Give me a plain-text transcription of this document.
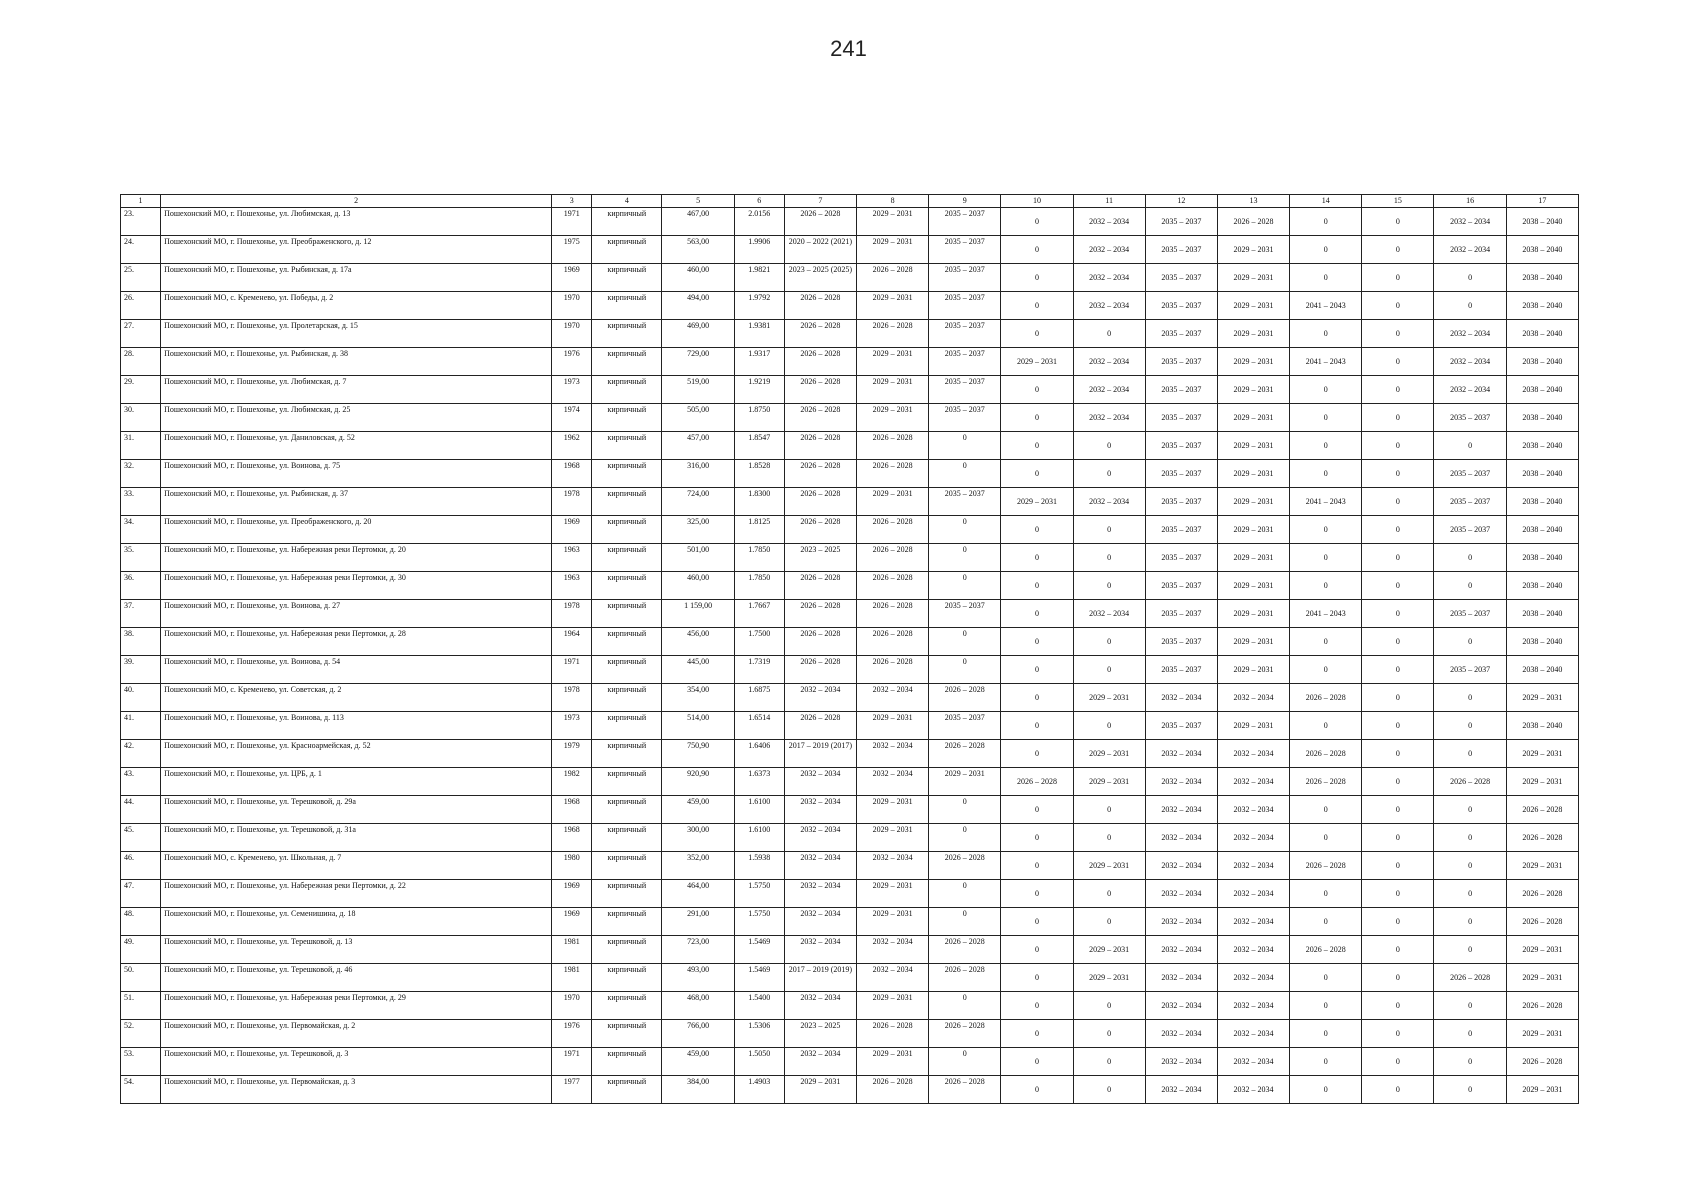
241
1	2	3	4	5	6	7	8	9	10	11	12	13	14	15	16	17
23.	Пошехонский МО, г. Пошехонье, ул. Любимская, д. 13	1971	кирпичный	467,00	2.0156	2026 – 2028	2029 – 2031	2035 – 2037	0	2032 – 2034	2035 – 2037	2026 – 2028	0	0	2032 – 2034	2038 – 2040
24.	Пошехонский МО, г. Пошехонье, ул. Преображенского, д. 12	1975	кирпичный	563,00	1.9906	2020 – 2022 (2021)	2029 – 2031	2035 – 2037	0	2032 – 2034	2035 – 2037	2029 – 2031	0	0	2032 – 2034	2038 – 2040
25.	Пошехонский МО, г. Пошехонье, ул. Рыбинская, д. 17а	1969	кирпичный	460,00	1.9821	2023 – 2025 (2025)	2026 – 2028	2035 – 2037	0	2032 – 2034	2035 – 2037	2029 – 2031	0	0	0	2038 – 2040
26.	Пошехонский МО, с. Кременево, ул. Победы, д. 2	1970	кирпичный	494,00	1.9792	2026 – 2028	2029 – 2031	2035 – 2037	0	2032 – 2034	2035 – 2037	2029 – 2031	2041 – 2043	0	0	2038 – 2040
27.	Пошехонский МО, г. Пошехонье, ул. Пролетарская, д. 15	1970	кирпичный	469,00	1.9381	2026 – 2028	2026 – 2028	2035 – 2037	0	0	2035 – 2037	2029 – 2031	0	0	2032 – 2034	2038 – 2040
28.	Пошехонский МО, г. Пошехонье, ул. Рыбинская, д. 38	1976	кирпичный	729,00	1.9317	2026 – 2028	2029 – 2031	2035 – 2037	2029 – 2031	2032 – 2034	2035 – 2037	2029 – 2031	2041 – 2043	0	2032 – 2034	2038 – 2040
29.	Пошехонский МО, г. Пошехонье, ул. Любимская, д. 7	1973	кирпичный	519,00	1.9219	2026 – 2028	2029 – 2031	2035 – 2037	0	2032 – 2034	2035 – 2037	2029 – 2031	0	0	2032 – 2034	2038 – 2040
30.	Пошехонский МО, г. Пошехонье, ул. Любимская, д. 25	1974	кирпичный	505,00	1.8750	2026 – 2028	2029 – 2031	2035 – 2037	0	2032 – 2034	2035 – 2037	2029 – 2031	0	0	2035 – 2037	2038 – 2040
31.	Пошехонский МО, г. Пошехонье, ул. Даниловская, д. 52	1962	кирпичный	457,00	1.8547	2026 – 2028	2026 – 2028	0	0	0	2035 – 2037	2029 – 2031	0	0	0	2038 – 2040
32.	Пошехонский МО, г. Пошехонье, ул. Воинова, д. 75	1968	кирпичный	316,00	1.8528	2026 – 2028	2026 – 2028	0	0	0	2035 – 2037	2029 – 2031	0	0	2035 – 2037	2038 – 2040
33.	Пошехонский МО, г. Пошехонье, ул. Рыбинская, д. 37	1978	кирпичный	724,00	1.8300	2026 – 2028	2029 – 2031	2035 – 2037	2029 – 2031	2032 – 2034	2035 – 2037	2029 – 2031	2041 – 2043	0	2035 – 2037	2038 – 2040
34.	Пошехонский МО, г. Пошехонье, ул. Преображенского, д. 20	1969	кирпичный	325,00	1.8125	2026 – 2028	2026 – 2028	0	0	0	2035 – 2037	2029 – 2031	0	0	2035 – 2037	2038 – 2040
35.	Пошехонский МО, г. Пошехонье, ул. Набережная реки Пертомки, д. 20	1963	кирпичный	501,00	1.7850	2023 – 2025	2026 – 2028	0	0	0	2035 – 2037	2029 – 2031	0	0	0	2038 – 2040
36.	Пошехонский МО, г. Пошехонье, ул. Набережная реки Пертомки, д. 30	1963	кирпичный	460,00	1.7850	2026 – 2028	2026 – 2028	0	0	0	2035 – 2037	2029 – 2031	0	0	0	2038 – 2040
37.	Пошехонский МО, г. Пошехонье, ул. Воинова, д. 27	1978	кирпичный	1 159,00	1.7667	2026 – 2028	2026 – 2028	2035 – 2037	0	2032 – 2034	2035 – 2037	2029 – 2031	2041 – 2043	0	2035 – 2037	2038 – 2040
38.	Пошехонский МО, г. Пошехонье, ул. Набережная реки Пертомки, д. 28	1964	кирпичный	456,00	1.7500	2026 – 2028	2026 – 2028	0	0	0	2035 – 2037	2029 – 2031	0	0	0	2038 – 2040
39.	Пошехонский МО, г. Пошехонье, ул. Воинова, д. 54	1971	кирпичный	445,00	1.7319	2026 – 2028	2026 – 2028	0	0	0	2035 – 2037	2029 – 2031	0	0	2035 – 2037	2038 – 2040
40.	Пошехонский МО, с. Кременево, ул. Советская, д. 2	1978	кирпичный	354,00	1.6875	2032 – 2034	2032 – 2034	2026 – 2028	0	2029 – 2031	2032 – 2034	2032 – 2034	2026 – 2028	0	0	2029 – 2031
41.	Пошехонский МО, г. Пошехонье, ул. Воинова, д. 113	1973	кирпичный	514,00	1.6514	2026 – 2028	2029 – 2031	2035 – 2037	0	0	2035 – 2037	2029 – 2031	0	0	0	2038 – 2040
42.	Пошехонский МО, г. Пошехонье, ул. Красноармейская, д. 52	1979	кирпичный	750,90	1.6406	2017 – 2019 (2017)	2032 – 2034	2026 – 2028	0	2029 – 2031	2032 – 2034	2032 – 2034	2026 – 2028	0	0	2029 – 2031
43.	Пошехонский МО, г. Пошехонье, ул. ЦРБ, д. 1	1982	кирпичный	920,90	1.6373	2032 – 2034	2032 – 2034	2029 – 2031	2026 – 2028	2029 – 2031	2032 – 2034	2032 – 2034	2026 – 2028	0	2026 – 2028	2029 – 2031
44.	Пошехонский МО, г. Пошехонье, ул. Терешковой, д. 29а	1968	кирпичный	459,00	1.6100	2032 – 2034	2029 – 2031	0	0	0	2032 – 2034	2032 – 2034	0	0	0	2026 – 2028
45.	Пошехонский МО, г. Пошехонье, ул. Терешковой, д. 31а	1968	кирпичный	300,00	1.6100	2032 – 2034	2029 – 2031	0	0	0	2032 – 2034	2032 – 2034	0	0	0	2026 – 2028
46.	Пошехонский МО, с. Кременево, ул. Школьная, д. 7	1980	кирпичный	352,00	1.5938	2032 – 2034	2032 – 2034	2026 – 2028	0	2029 – 2031	2032 – 2034	2032 – 2034	2026 – 2028	0	0	2029 – 2031
47.	Пошехонский МО, г. Пошехонье, ул. Набережная реки Пертомки, д. 22	1969	кирпичный	464,00	1.5750	2032 – 2034	2029 – 2031	0	0	0	2032 – 2034	2032 – 2034	0	0	0	2026 – 2028
48.	Пошехонский МО, г. Пошехонье, ул. Семенишина, д. 18	1969	кирпичный	291,00	1.5750	2032 – 2034	2029 – 2031	0	0	0	2032 – 2034	2032 – 2034	0	0	0	2026 – 2028
49.	Пошехонский МО, г. Пошехонье, ул. Терешковой, д. 13	1981	кирпичный	723,00	1.5469	2032 – 2034	2032 – 2034	2026 – 2028	0	2029 – 2031	2032 – 2034	2032 – 2034	2026 – 2028	0	0	2029 – 2031
50.	Пошехонский МО, г. Пошехонье, ул. Терешковой, д. 46	1981	кирпичный	493,00	1.5469	2017 – 2019 (2019)	2032 – 2034	2026 – 2028	0	2029 – 2031	2032 – 2034	2032 – 2034	0	0	2026 – 2028	2029 – 2031
51.	Пошехонский МО, г. Пошехонье, ул. Набережная реки Пертомки, д. 29	1970	кирпичный	468,00	1.5400	2032 – 2034	2029 – 2031	0	0	0	2032 – 2034	2032 – 2034	0	0	0	2026 – 2028
52.	Пошехонский МО, г. Пошехонье, ул. Первомайская, д. 2	1976	кирпичный	766,00	1.5306	2023 – 2025	2026 – 2028	2026 – 2028	0	0	2032 – 2034	2032 – 2034	0	0	0	2029 – 2031
53.	Пошехонский МО, г. Пошехонье, ул. Терешковой, д. 3	1971	кирпичный	459,00	1.5050	2032 – 2034	2029 – 2031	0	0	0	2032 – 2034	2032 – 2034	0	0	0	2026 – 2028
54.	Пошехонский МО, г. Пошехонье, ул. Первомайская, д. 3	1977	кирпичный	384,00	1.4903	2029 – 2031	2026 – 2028	2026 – 2028	0	0	2032 – 2034	2032 – 2034	0	0	0	2029 – 2031
